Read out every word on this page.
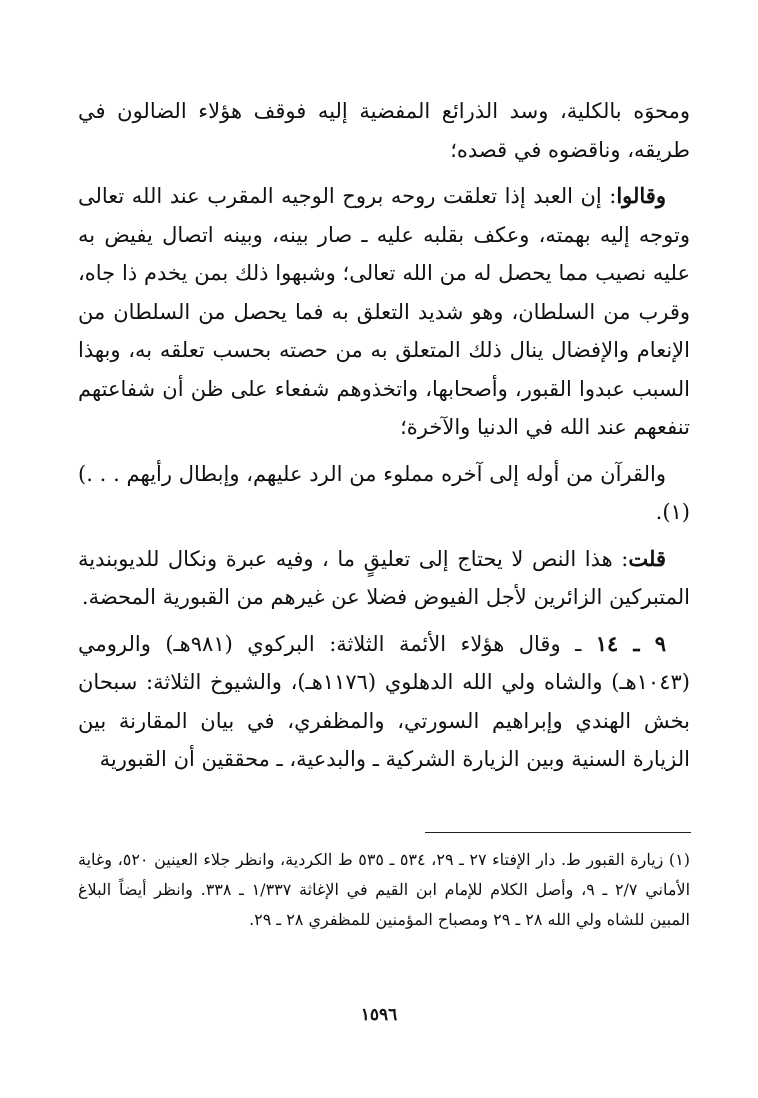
ومحوَه بالكلية، وسد الذرائع المفضية إليه فوقف هؤلاء الضالون في طريقه، وناقضوه في قصده؛

وقالوا: إن العبد إذا تعلقت روحه بروح الوجيه المقرب عند الله تعالى وتوجه إليه بهمته، وعكف بقلبه عليه ـ صار بينه، وبينه اتصال يفيض به عليه نصيب مما يحصل له من الله تعالى؛ وشبهوا ذلك بمن يخدم ذا جاه، وقرب من السلطان، وهو شديد التعلق به فما يحصل من السلطان من الإنعام والإفضال ينال ذلك المتعلق به من حصته بحسب تعلقه به، وبهذا السبب عبدوا القبور، وأصحابها، واتخذوهم شفعاء على ظن أن شفاعتهم تنفعهم عند الله في الدنيا والآخرة؛

والقرآن من أوله إلى آخره مملوء من الرد عليهم، وإبطال رأيهم . . .)(١).

قلت: هذا النص لا يحتاج إلى تعليقٍ ما ، وفيه عبرة ونكال للديوبندية المتبركين الزائرين لأجل الفيوض فضلا عن غيرهم من القبورية المحضة.

٩ ـ ١٤ ـ وقال هؤلاء الأئمة الثلاثة: البركوي (٩٨١هـ) والرومي (١٠٤٣هـ) والشاه ولي الله الدهلوي (١١٧٦هـ)، والشيوخ الثلاثة: سبحان بخش الهندي وإبراهيم السورتي، والمظفري، في بيان المقارنة بين الزيارة السنية وبين الزيارة الشركية ـ والبدعية، ـ محققين أن القبورية

(١) زيارة القبور ط. دار الإفتاء ٢٧ ـ ٢٩، ٥٣٤ ـ ٥٣٥ ط الكردية، وانظر جلاء العينين ٥٢٠، وغاية الأماني ٢/٧ ـ ٩، وأصل الكلام للإمام ابن القيم في الإغاثة ١/٣٣٧ ـ ٣٣٨. وانظر أيضاً البلاغ المبين للشاه ولي الله ٢٨ ـ ٢٩ ومصباح المؤمنين للمظفري ٢٨ ـ ٢٩.
١٥٩٦
